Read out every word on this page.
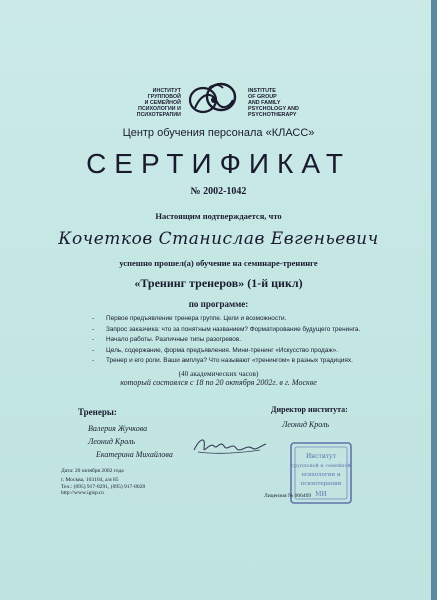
ИНСТИТУТ
ГРУППОВОЙ
И СЕМЕЙНОЙ
ПСИХОЛОГИИ И
ПСИХОТЕРАПИИ
INSTITUTE
OF GROUP
AND FAMILY
PSYCHOLOGY AND
PSYCHOTHERAPY
Центр обучения персонала «КЛАСС»
СЕРТИФИКАТ
№ 2002-1042
Настоящим подтверждается, что
Кочетков Станислав Евгеньевич
успешно прошел(а) обучение на семинаре-тренинге
«Тренинг тренеров» (1-й цикл)
по программе:
- Первое предъявление тренера группе. Цели и возможности.
- Запрос заказчика: что за понятным названием? Форматирование будущего тренинга.
- Начало работы. Различные типы разогревов.
- Цель, содержание, форма предъявления. Мини-тренинг «Искусство продаж».
- Тренер и его роли. Ваши амплуа? Что называют «тренингом» в разных традициях.
(40 академических часов)
который состоялся с 18 по 20 октября 2002г. в г. Москве
Тренеры:
Валерия Жучкова
Леонид Кроль
Екатерина Михайлова
Директор института:
Леонид Кроль
Институт
групповой и семейной
психологии и
психотерапии
МИ
Дата: 20 октября 2002 года
г. Москва, 103104, а/я 85
Тел.: (095) 917-8291, (095) 917-8028
http://www.igisp.ru	Лицензия № 006409
